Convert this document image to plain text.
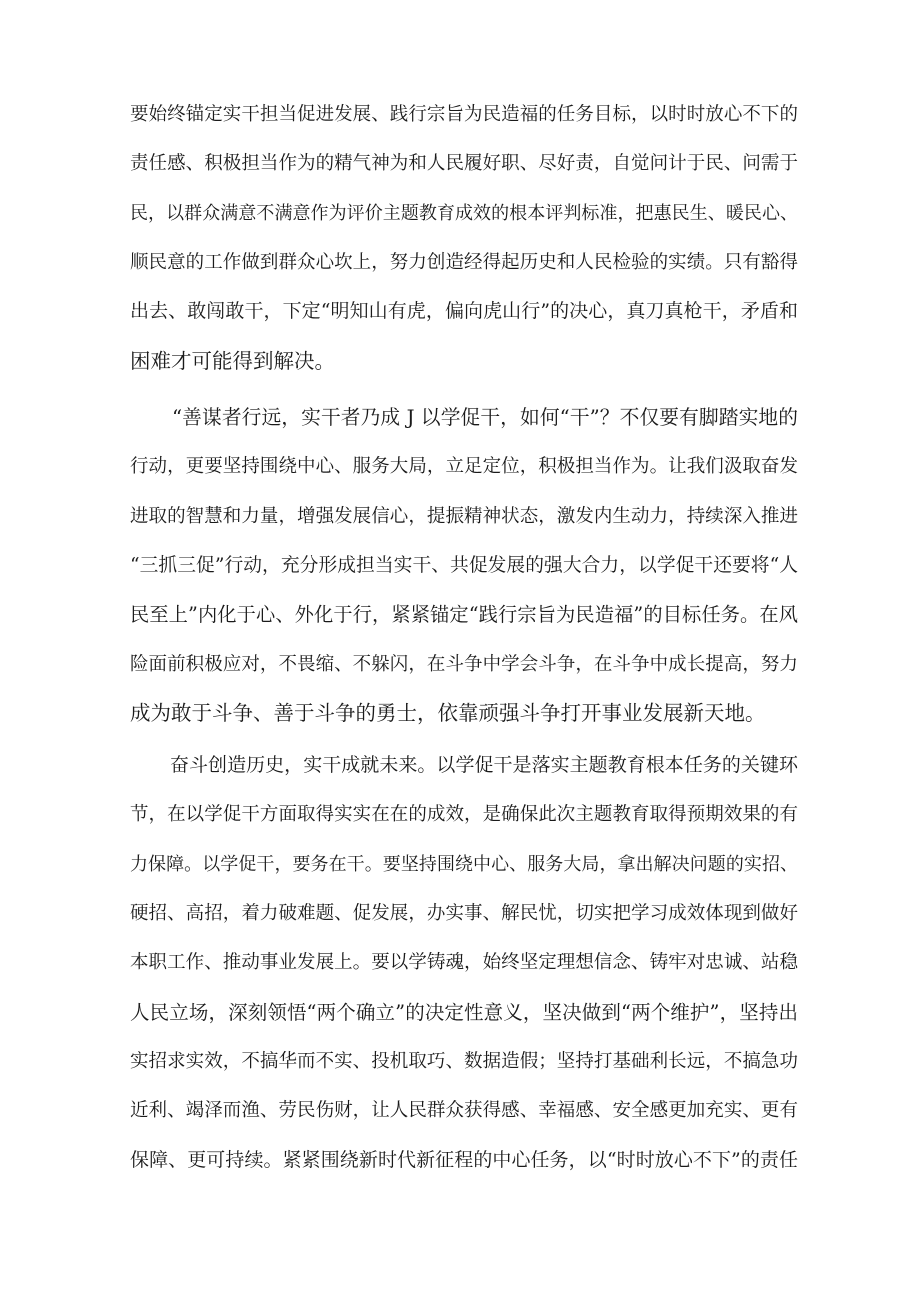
要始终锚定实干担当促进发展、践行宗旨为民造福的任务目标，以时时放心不下的
责任感、积极担当作为的精气神为和人民履好职、尽好责，自觉问计于民、问需于
民，以群众满意不满意作为评价主题教育成效的根本评判标准，把惠民生、暖民心、
顺民意的工作做到群众心坎上，努力创造经得起历史和人民检验的实绩。只有豁得
出去、敢闯敢干，下定“明知山有虎，偏向虎山行”的决心，真刀真枪干，矛盾和
困难才可能得到解决。
“善谋者行远，实干者乃成 J 以学促干，如何“干”？不仅要有脚踏实地的
行动，更要坚持围绕中心、服务大局，立足定位，积极担当作为。让我们汲取奋发
进取的智慧和力量，增强发展信心，提振精神状态，激发内生动力，持续深入推进
“三抓三促”行动，充分形成担当实干、共促发展的强大合力，以学促干还要将“人
民至上”内化于心、外化于行，紧紧锚定“践行宗旨为民造福”的目标任务。在风
险面前积极应对，不畏缩、不躲闪，在斗争中学会斗争，在斗争中成长提高，努力
成为敢于斗争、善于斗争的勇士，依靠顽强斗争打开事业发展新天地。
奋斗创造历史，实干成就未来。以学促干是落实主题教育根本任务的关键环
节，在以学促干方面取得实实在在的成效，是确保此次主题教育取得预期效果的有
力保障。以学促干，要务在干。要坚持围绕中心、服务大局，拿出解决问题的实招、
硬招、高招，着力破难题、促发展，办实事、解民忧，切实把学习成效体现到做好
本职工作、推动事业发展上。要以学铸魂，始终坚定理想信念、铸牢对忠诚、站稳
人民立场，深刻领悟“两个确立”的决定性意义，坚决做到“两个维护”，坚持出
实招求实效，不搞华而不实、投机取巧、数据造假；坚持打基础利长远，不搞急功
近利、竭泽而渔、劳民伤财，让人民群众获得感、幸福感、安全感更加充实、更有
保障、更可持续。紧紧围绕新时代新征程的中心任务，以“时时放心不下”的责任
